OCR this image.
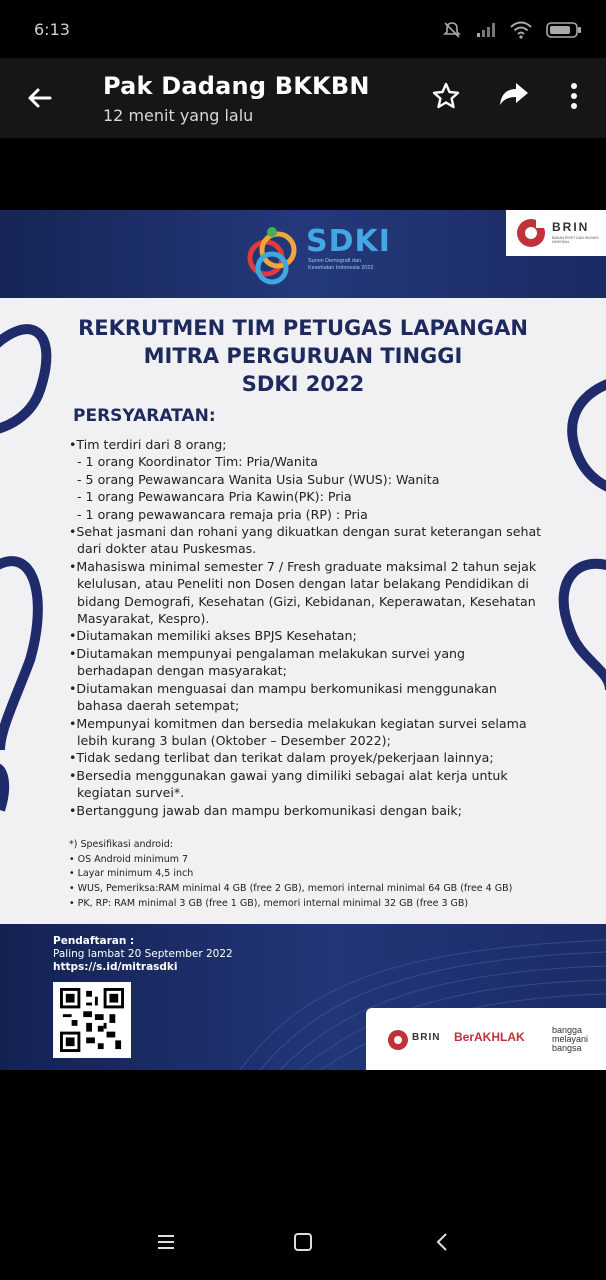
6:13
Pak Dadang BKKBN
12 menit yang lalu
SDKI
Survei Demografi dan Kesehatan Indonesia 2022
BRIN
BADAN RISET DAN INOVASI NASIONAL
REKRUTMEN TIM PETUGAS LAPANGAN
MITRA PERGURUAN TINGGI
SDKI 2022
PERSYARATAN:
•Tim terdiri dari 8 orang;
- 1 orang Koordinator Tim: Pria/Wanita
- 5 orang Pewawancara Wanita Usia Subur (WUS): Wanita
- 1 orang Pewawancara Pria Kawin(PK): Pria
- 1 orang pewawancara remaja pria (RP) : Pria
•Sehat jasmani dan rohani yang dikuatkan dengan surat keterangan sehat
dari dokter atau Puskesmas.
•Mahasiswa minimal semester 7 / Fresh graduate maksimal 2 tahun sejak
kelulusan, atau Peneliti non Dosen dengan latar belakang Pendidikan di
bidang Demografi, Kesehatan (Gizi, Kebidanan, Keperawatan, Kesehatan
Masyarakat, Kespro).
•Diutamakan memiliki akses BPJS Kesehatan;
•Diutamakan mempunyai pengalaman melakukan survei yang
berhadapan dengan masyarakat;
•Diutamakan menguasai dan mampu berkomunikasi menggunakan
bahasa daerah setempat;
•Mempunyai komitmen dan bersedia melakukan kegiatan survei selama
lebih kurang 3 bulan (Oktober – Desember 2022);
•Tidak sedang terlibat dan terikat dalam proyek/pekerjaan lainnya;
•Bersedia menggunakan gawai yang dimiliki sebagai alat kerja untuk
kegiatan survei*.
•Bertanggung jawab dan mampu berkomunikasi dengan baik;
*) Spesifikasi android:
• OS Android minimum 7
• Layar minimum 4,5 inch
• WUS, Pemeriksa:RAM minimal 4 GB (free 2 GB), memori internal minimal 64 GB (free 4 GB)
• PK, RP: RAM minimal 3 GB (free 1 GB), memori internal minimal 32 GB (free 3 GB)
Pendaftaran :
Paling lambat 20 September 2022
https://s.id/mitrasdki
BRIN BerAKHLAK	bangga
melayani
bangsa
